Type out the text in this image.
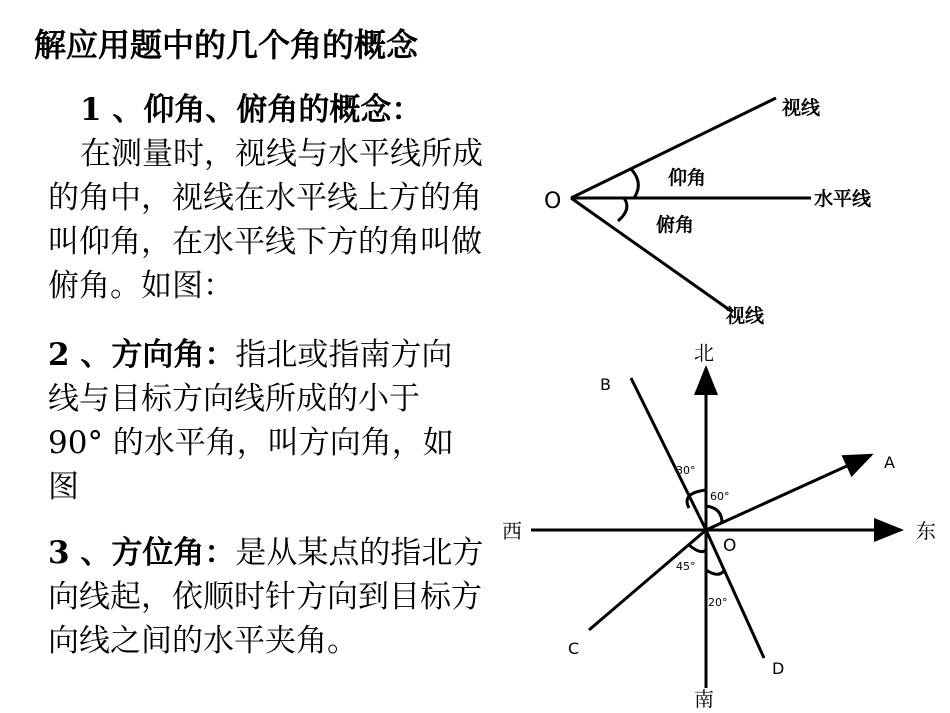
解应用题中的几个角的概念
1 、仰角、俯角的概念：
在测量时，视线与水平线所成的角中，视线在水平线上方的角叫仰角，在水平线下方的角叫做俯角。如图：
2 、方向角：指北或指南方向线与目标方向线所成的小于 90° 的水平角，叫方向角，如图
3 、方位角：是从某点的指北方向线起，依顺时针方向到目标方向线之间的水平夹角。
O
仰角
俯角
视线
水平线
视线
北
南
东
西
O
A
B
C
D
30°
60°
45°
20°
